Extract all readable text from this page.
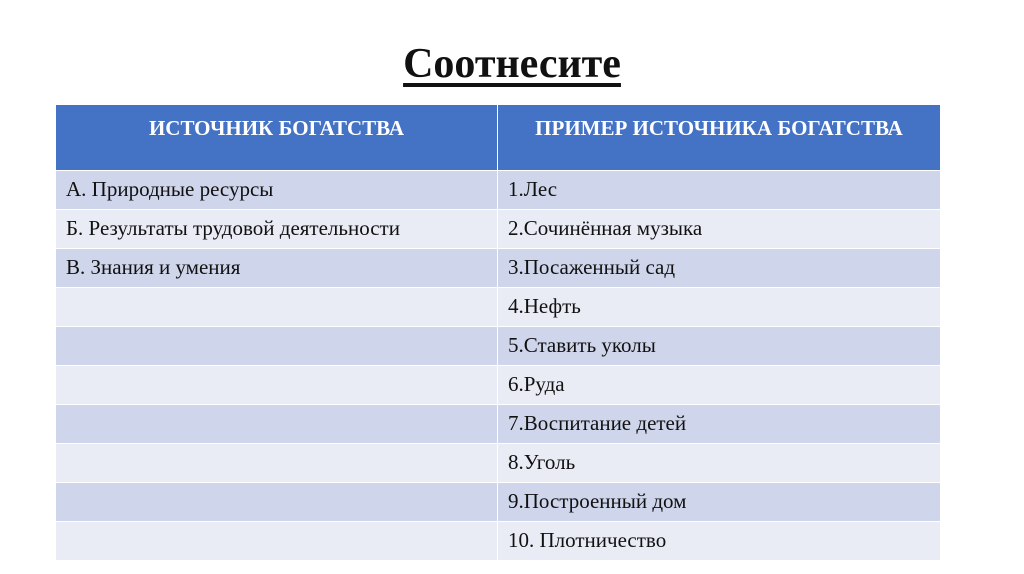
Соотнесите
ИСТОЧНИК БОГАТСТВА	ПРИМЕР ИСТОЧНИКА БОГАТСТВА
А. Природные ресурсы	1.Лес
Б. Результаты трудовой деятельности	2.Сочинённая музыка
В. Знания и умения	3.Посаженный сад
	4.Нефть
	5.Ставить уколы
	6.Руда
	7.Воспитание детей
	8.Уголь
	9.Построенный дом
	10. Плотничество
